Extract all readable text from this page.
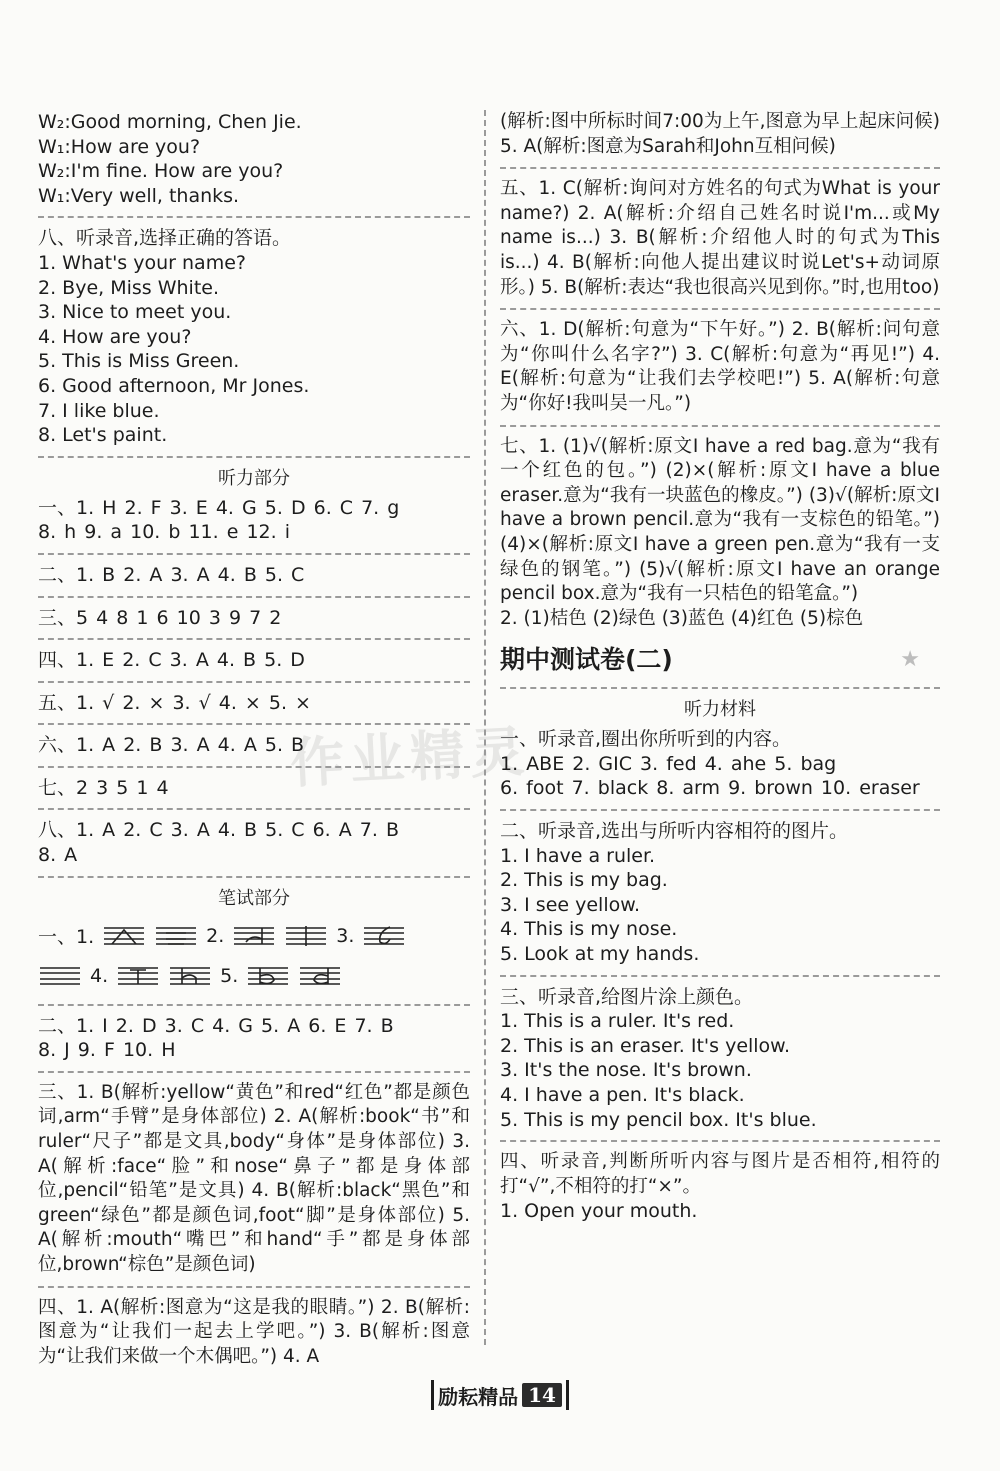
作业精灵
W₂:Good morning, Chen Jie.
W₁:How are you?
W₂:I'm fine. How are you?
W₁:Very well, thanks.
八、听录音,选择正确的答语。
1. What's your name?
2. Bye, Miss White.
3. Nice to meet you.
4. How are you?
5. This is Miss Green.
6. Good afternoon, Mr Jones.
7. I like blue.
8. Let's paint.
听力部分
一、1. H 2. F 3. E 4. G 5. D 6. C 7. g
8. h 9. a 10. b 11. e 12. i
二、1. B 2. A 3. A 4. B 5. C
三、5 4 8 1 6 10 3 9 7 2
四、1. E 2. C 3. A 4. B 5. D
五、1. √ 2. × 3. √ 4. × 5. ×
六、1. A 2. B 3. A 4. A 5. B
七、2 3 5 1 4
八、1. A 2. C 3. A 4. B 5. C 6. A 7. B
8. A
笔试部分
一、1.	2.	3.
4.	5.
二、1. I 2. D 3. C 4. G 5. A 6. E 7. B
8. J 9. F 10. H

三、1. B(解析:yellow“黄色”和red“红色”都是颜色词,arm“手臂”是身体部位) 2. A(解析:book“书”和ruler“尺子”都是文具,body“身体”是身体部位) 3. A(解析:face“脸”和nose“鼻子”都是身体部位,pencil“铅笔”是文具) 4. B(解析:black“黑色”和green“绿色”都是颜色词,foot“脚”是身体部位) 5. A(解析:mouth“嘴巴”和hand“手”都是身体部位,brown“棕色”是颜色词)

四、1. A(解析:图意为“这是我的眼睛。”) 2. B(解析:图意为“让我们一起去上学吧。”) 3. B(解析:图意为“让我们来做一个木偶吧。”) 4. A

(解析:图中所标时间7:00为上午,图意为早上起床问候) 5. A(解析:图意为Sarah和John互相问候)

五、1. C(解析:询问对方姓名的句式为What is your name?) 2. A(解析:介绍自己姓名时说I'm...或My name is...) 3. B(解析:介绍他人时的句式为This is...) 4. B(解析:向他人提出建议时说Let's+动词原形。) 5. B(解析:表达“我也很高兴见到你。”时,也用too)

六、1. D(解析:句意为“下午好。”) 2. B(解析:问句意为“你叫什么名字?”) 3. C(解析:句意为“再见!”) 4. E(解析:句意为“让我们去学校吧!”) 5. A(解析:句意为“你好!我叫吴一凡。”)

七、1. (1)√(解析:原文I have a red bag.意为“我有一个红色的包。”) (2)×(解析:原文I have a blue eraser.意为“我有一块蓝色的橡皮。”) (3)√(解析:原文I have a brown pencil.意为“我有一支棕色的铅笔。”) (4)×(解析:原文I have a green pen.意为“我有一支绿色的钢笔。”) (5)√(解析:原文I have an orange pencil box.意为“我有一只桔色的铅笔盒。”)

2. (1)桔色 (2)绿色 (3)蓝色 (4)红色 (5)棕色

期中测试卷(二)	★
听力材料
一、听录音,圈出你所听到的内容。
1. ABE 2. GIC 3. fed 4. ahe 5. bag
6. foot 7. black 8. arm 9. brown 10. eraser
二、听录音,选出与所听内容相符的图片。
1. I have a ruler.
2. This is my bag.
3. I see yellow.
4. This is my nose.
5. Look at my hands.
三、听录音,给图片涂上颜色。
1. This is a ruler. It's red.
2. This is an eraser. It's yellow.
3. It's the nose. It's brown.
4. I have a pen. It's black.
5. This is my pencil box. It's blue.

四、听录音,判断所听内容与图片是否相符,相符的打“√”,不相符的打“×”。

1. Open your mouth.
励耘精品 14
